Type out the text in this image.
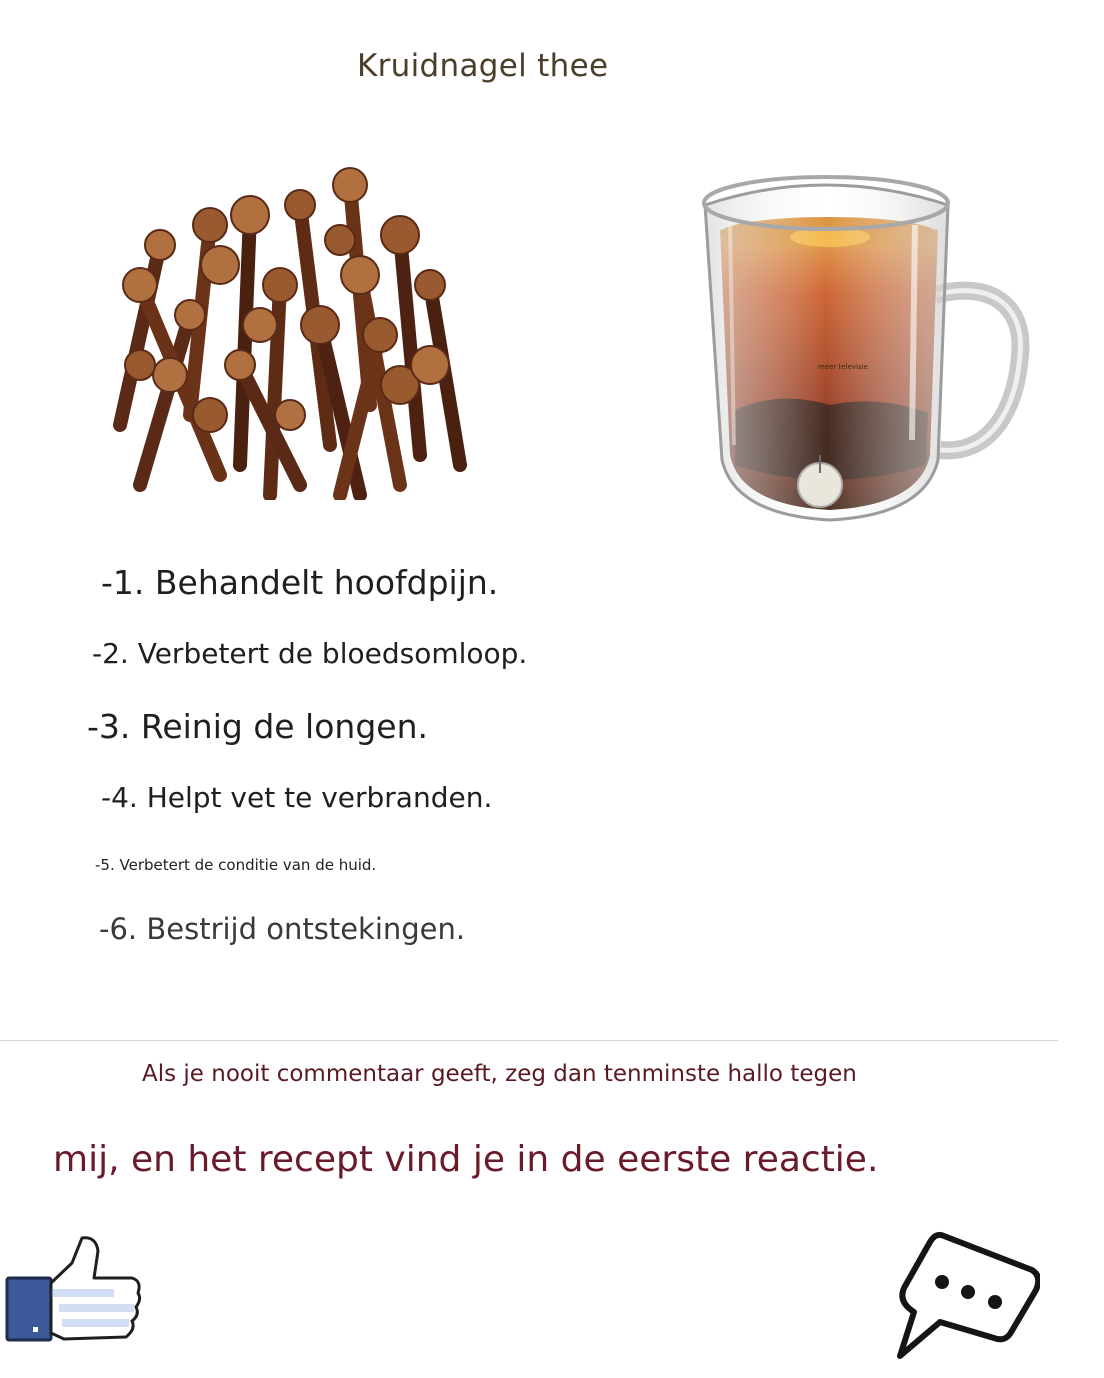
Kruidnagel thee
meer televisie
-1. Behandelt hoofdpijn.
-2. Verbetert de bloedsomloop.
-3. Reinig de longen.
-4. Helpt vet te verbranden.
-5. Verbetert de conditie van de huid.
-6. Bestrijd ontstekingen.
Als je nooit commentaar geeft, zeg dan tenminste hallo tegen
mij, en het recept vind je in de eerste reactie.
